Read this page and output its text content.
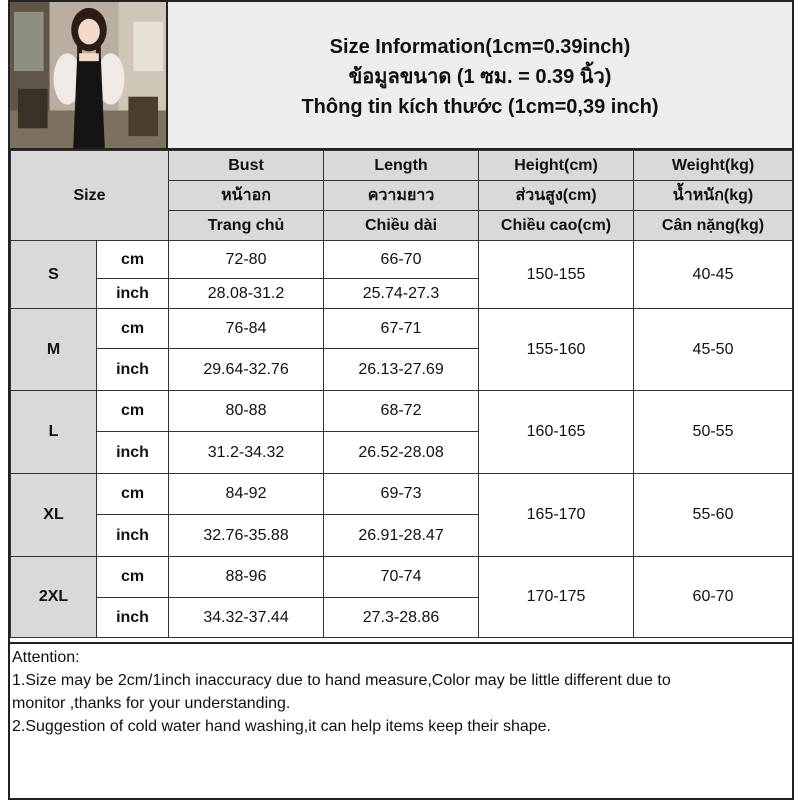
Size Information(1cm=0.39inch)
ข้อมูลขนาด (1 ซม. = 0.39 นิ้ว)
Thông tin kích thước (1cm=0,39 inch)
Size		Bust	Length	Height(cm)	Weight(kg)
		หน้าอก	ความยาว	ส่วนสูง(cm)	น้ำหนัก(kg)
		Trang chủ	Chiều dài	Chiều cao(cm)	Cân nặng(kg)
S	cm	72-80	66-70	150-155	40-45
	inch	28.08-31.2	25.74-27.3		
M	cm	76-84	67-71	155-160	45-50
	inch	29.64-32.76	26.13-27.69		
L	cm	80-88	68-72	160-165	50-55
	inch	31.2-34.32	26.52-28.08		
XL	cm	84-92	69-73	165-170	55-60
	inch	32.76-35.88	26.91-28.47		
2XL	cm	88-96	70-74	170-175	60-70
	inch	34.32-37.44	27.3-28.86		
Attention:
1.Size may be 2cm/1inch inaccuracy due to hand measure,Color may be little different due to
monitor ,thanks for your understanding.
2.Suggestion of cold water hand washing,it can help items keep their shape.
